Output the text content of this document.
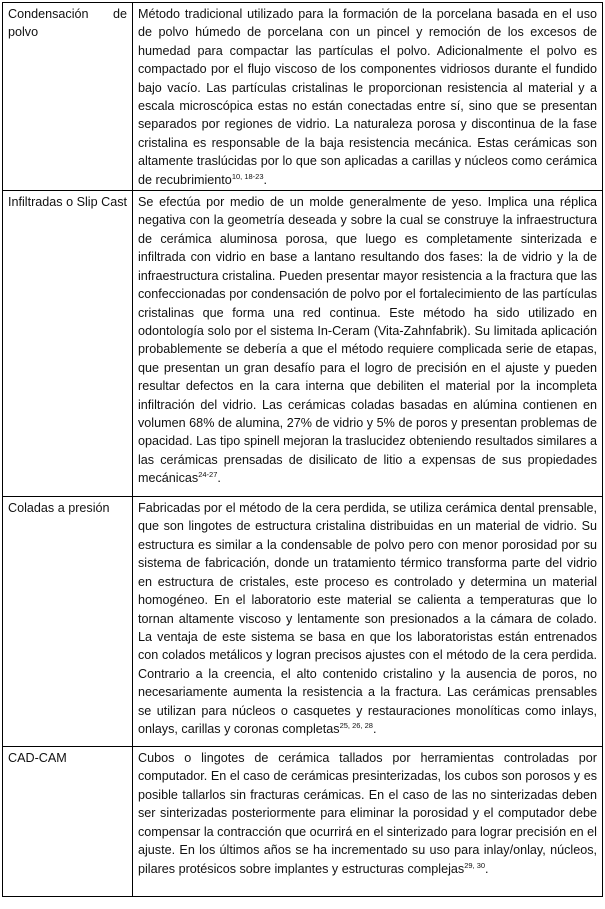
Condensación de polvo	Método tradicional utilizado para la formación de la porcelana basada en el uso de polvo húmedo de porcelana con un pincel y remoción de los excesos de humedad para compactar las partículas el polvo. Adicionalmente el polvo es compactado por el flujo viscoso de los componentes vidriosos durante el fundido bajo vacío. Las partículas cristalinas le proporcionan resistencia al material y a escala microscópica estas no están conectadas entre sí, sino que se presentan separados por regiones de vidrio. La naturaleza porosa y discontinua de la fase cristalina es responsable de la baja resistencia mecánica. Estas cerámicas son altamente traslúcidas por lo que son aplicadas a carillas y núcleos como cerámica de recubrimiento$^{10, 18-23}$.

Infiltradas o Slip Cast	Se efectúa por medio de un molde generalmente de yeso. Implica una réplica negativa con la geometría deseada y sobre la cual se construye la infraestructura de cerámica aluminosa porosa, que luego es completamente sinterizada e infiltrada con vidrio en base a lantano resultando dos fases: la de vidrio y la de infraestructura cristalina. Pueden presentar mayor resistencia a la fractura que las confeccionadas por condensación de polvo por el fortalecimiento de las partículas cristalinas que forma una red continua. Este método ha sido utilizado en odontología solo por el sistema In-Ceram (Vita-Zahnfabrik). Su limitada aplicación probablemente se debería a que el método requiere complicada serie de etapas, que presentan un gran desafío para el logro de precisión en el ajuste y pueden resultar defectos en la cara interna que debiliten el material por la incompleta infiltración del vidrio. Las cerámicas coladas basadas en alúmina contienen en volumen 68% de alumina, 27% de vidrio y 5% de poros y presentan problemas de opacidad. Las tipo spinell mejoran la traslucidez obteniendo resultados similares a las cerámicas prensadas de disilicato de litio a expensas de sus propiedades mecánicas$^{24-27}$.

Coladas a presión	Fabricadas por el método de la cera perdida, se utiliza cerámica dental prensable, que son lingotes de estructura cristalina distribuidas en un material de vidrio. Su estructura es similar a la condensable de polvo pero con menor porosidad por su sistema de fabricación, donde un tratamiento térmico transforma parte del vidrio en estructura de cristales, este proceso es controlado y determina un material homogéneo. En el laboratorio este material se calienta a temperaturas que lo tornan altamente viscoso y lentamente son presionados a la cámara de colado. La ventaja de este sistema se basa en que los laboratoristas están entrenados con colados metálicos y logran precisos ajustes con el método de la cera perdida. Contrario a la creencia, el alto contenido cristalino y la ausencia de poros, no necesariamente aumenta la resistencia a la fractura. Las cerámicas prensables se utilizan para núcleos o casquetes y restauraciones monolíticas como inlays, onlays, carillas y coronas completas$^{25, 26, 28}$.

CAD-CAM	Cubos o lingotes de cerámica tallados por herramientas controladas por computador. En el caso de cerámicas presinterizadas, los cubos son porosos y es posible tallarlos sin fracturas cerámicas. En el caso de las no sinterizadas deben ser sinterizadas posteriormente para eliminar la porosidad y el computador debe compensar la contracción que ocurrirá en el sinterizado para lograr precisión en el ajuste. En los últimos años se ha incrementado su uso para inlay/onlay, núcleos, pilares protésicos sobre implantes y estructuras complejas$^{29, 30}$.
